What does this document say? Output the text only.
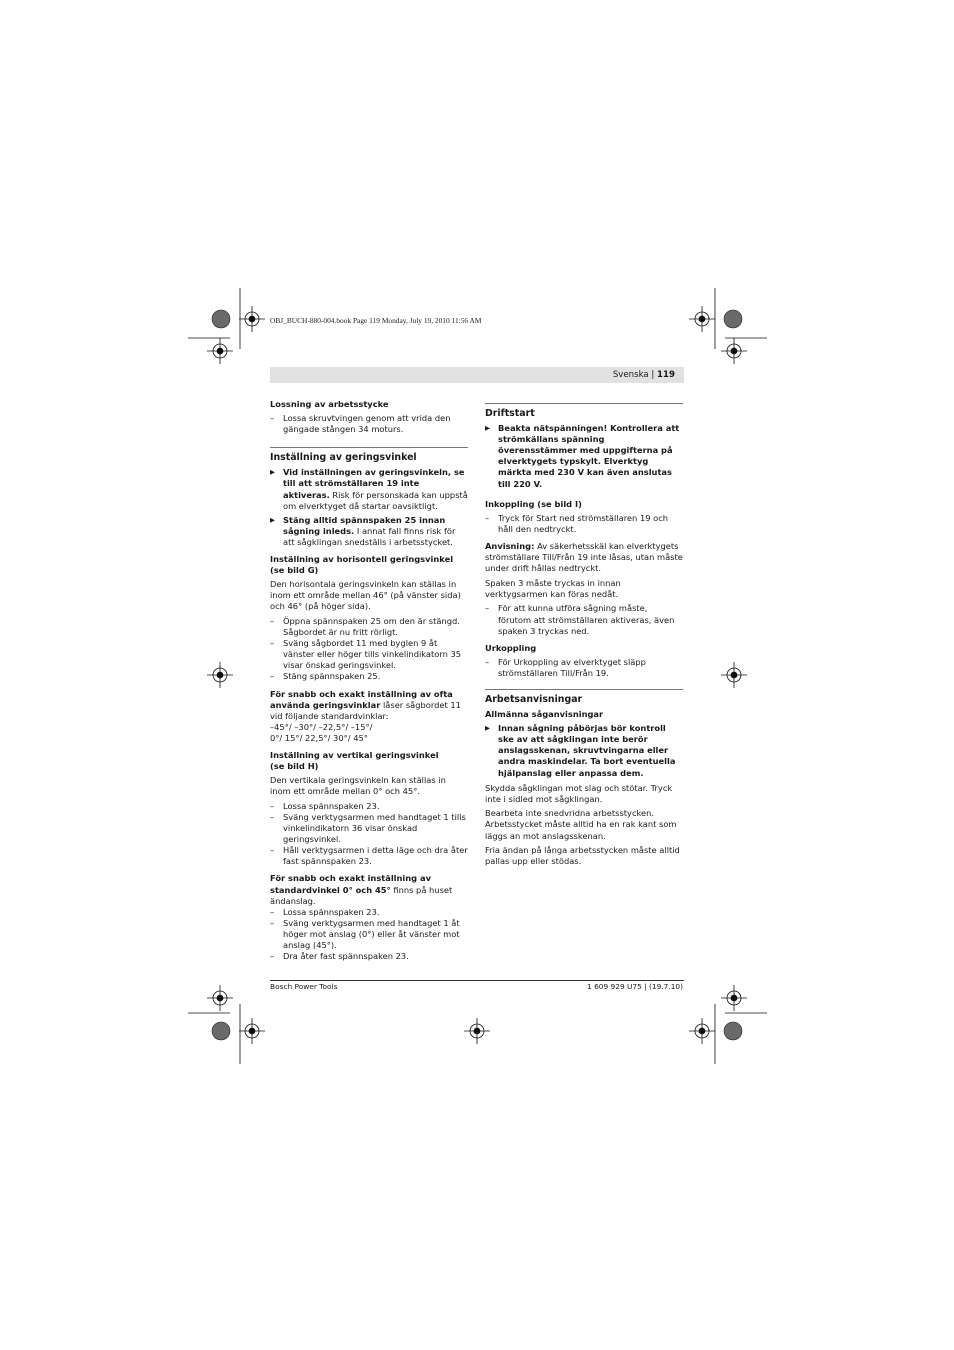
OBJ_BUCH-880-004.book Page 119 Monday, July 19, 2010 11:56 AM
Svenska | 119
Lossning av arbetsstycke
– Lossa skruvtvingen genom att vrida den gängade stången 34 moturs.
Inställning av geringsvinkel
▶ Vid inställningen av geringsvinkeln, se till att strömställaren 19 inte aktiveras. Risk för personskada kan uppstå om elverktyget då startar oavsiktligt.
▶ Stäng alltid spännspaken 25 innan sågning inleds. I annat fall finns risk för att sågklingan snedställs i arbetsstycket.
Inställning av horisontell geringsvinkel
(se bild G)

Den horisontala geringsvinkeln kan ställas in inom ett område mellan 46° (på vänster sida) och 46° (på höger sida).

– Öppna spännspaken 25 om den är stängd. Sågbordet är nu fritt rörligt.
– Sväng sågbordet 11 med byglen 9 åt vänster eller höger tills vinkelindikatorn 35 visar önskad geringsvinkel.
– Stäng spännspaken 25.

För snabb och exakt inställning av ofta använda geringsvinklar låser sågbordet 11 vid följande standardvinklar:
–45°/ –30°/ –22,5°/ –15°/
0°/ 15°/ 22,5°/ 30°/ 45°

Inställning av vertikal geringsvinkel
(se bild H)

Den vertikala geringsvinkeln kan ställas in inom ett område mellan 0° och 45°.

– Lossa spännspaken 23.
– Sväng verktygsarmen med handtaget 1 tills vinkelindikatorn 36 visar önskad geringsvinkel.
– Håll verktygsarmen i detta läge och dra åter fast spännspaken 23.

För snabb och exakt inställning av standardvinkel 0° och 45° finns på huset ändanslag.

– Lossa spännspaken 23.
– Sväng verktygsarmen med handtaget 1 åt höger mot anslag (0°) eller åt vänster mot anslag (45°).
– Dra åter fast spännspaken 23.
Driftstart
▶ Beakta nätspänningen! Kontrollera att strömkällans spänning överensstämmer med uppgifterna på elverktygets typskylt. Elverktyg märkta med 230 V kan även anslutas till 220 V.
Inkoppling (se bild I)
– Tryck för Start ned strömställaren 19 och håll den nedtryckt.

Anvisning: Av säkerhetsskäl kan elverktygets strömställare Till/Från 19 inte låsas, utan måste under drift hållas nedtryckt.

Spaken 3 måste tryckas in innan verktygsarmen kan föras nedåt.

– För att kunna utföra sågning måste, förutom att strömställaren aktiveras, även spaken 3 tryckas ned.
Urkoppling
– För Urkoppling av elverktyget släpp strömställaren Till/Från 19.
Arbetsanvisningar
Allmänna såganvisningar
▶ Innan sågning påbörjas bör kontroll ske av att sågklingan inte berör anslagsskenan, skruvtvingarna eller andra maskindelar. Ta bort eventuella hjälpanslag eller anpassa dem.

Skydda sågklingan mot slag och stötar. Tryck inte i sidled mot sågklingan.

Bearbeta inte snedvridna arbetsstycken. Arbetsstycket måste alltid ha en rak kant som läggs an mot anslagsskenan.

Fria ändan på långa arbetsstycken måste alltid pallas upp eller stödas.

Bosch Power Tools	1 609 929 U75 | (19.7.10)
